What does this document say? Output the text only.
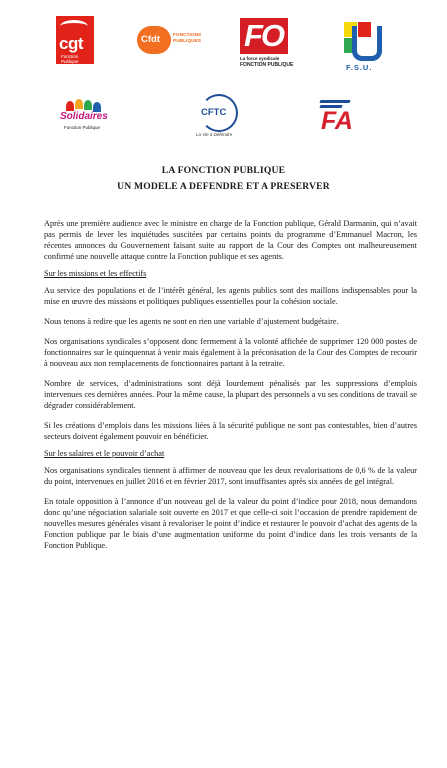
cgt
Fonction Publique
Cfdt	FONCTIONS
PUBLIQUES FO
La force syndicale
FONCTION PUBLIQUE	F.S.U.
Solidaires
Fonction Publique
CFTC
La Vie à Défendre	FA
LA FONCTION PUBLIQUE
UN MODELE A DEFENDRE ET A PRESERVER

Après une première audience avec le ministre en charge de la Fonction publique, Gérald Darmanin, qui n’avait pas permis de lever les inquiétudes suscitées par certains points du programme d’Emmanuel Macron, les récentes annonces du Gouvernement faisant suite au rapport de la Cour des Comptes ont malheureusement confirmé une nouvelle attaque contre la Fonction publique et ses agents.

Sur les missions et les effectifs

Au service des populations et de l’intérêt général, les agents publics sont des maillons indispensables pour la mise en œuvre des missions et politiques publiques essentielles pour la cohésion sociale.

Nous tenons à redire que les agents ne sont en rien une variable d’ajustement budgétaire.

Nos organisations syndicales s’opposent donc fermement à la volonté affichée de supprimer 120 000 postes de fonctionnaires sur le quinquennat à venir mais également à la préconisation de la Cour des Comptes de recourir à nouveau aux non remplacements de fonctionnaires partant à la retraite.

Nombre de services, d’administrations sont déjà lourdement pénalisés par les suppressions d’emplois intervenues ces dernières années. Pour la même cause, la plupart des personnels a vu ses conditions de travail se dégrader considérablement.

Si les créations d’emplois dans les missions liées à la sécurité publique ne sont pas contestables, bien d’autres secteurs doivent également pouvoir en bénéficier.

Sur les salaires et le pouvoir d’achat

Nos organisations syndicales tiennent à affirmer de nouveau que les deux revalorisations de 0,6 % de la valeur du point, intervenues en juillet 2016 et en février 2017, sont insuffisantes après six années de gel intégral.

En totale opposition à l’annonce d’un nouveau gel de la valeur du point d’indice pour 2018, nous demandons donc qu’une négociation salariale soit ouverte en 2017 et que celle-ci soit l’occasion de prendre rapidement de nouvelles mesures générales visant à revaloriser le point d’indice et restaurer le pouvoir d’achat des agents de la Fonction publique par le biais d’une augmentation uniforme du point d’indice dans les trois versants de la Fonction Publique.
